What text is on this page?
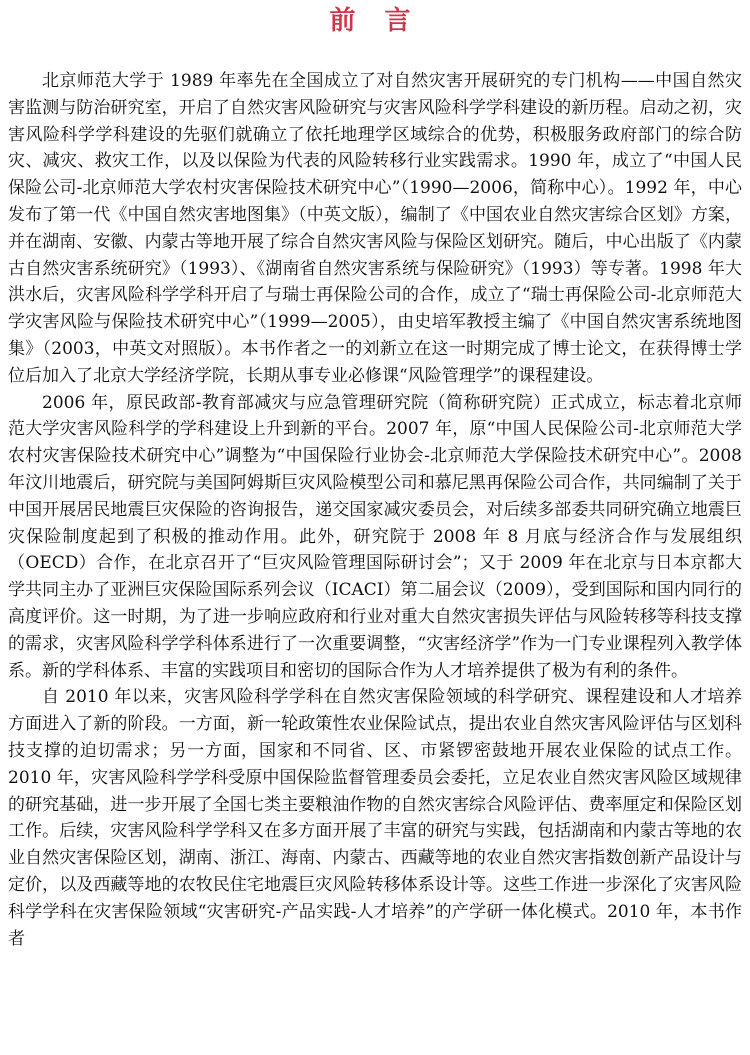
前 言

北京师范大学于 1989 年率先在全国成立了对自然灾害开展研究的专门机构——中国自然灾害监测与防治研究室，开启了自然灾害风险研究与灾害风险科学学科建设的新历程。启动之初，灾害风险科学学科建设的先驱们就确立了依托地理学区域综合的优势，积极服务政府部门的综合防灾、减灾、救灾工作，以及以保险为代表的风险转移行业实践需求。1990 年，成立了“中国人民保险公司-北京师范大学农村灾害保险技术研究中心”（1990—2006，简称中心）。1992 年，中心发布了第一代《中国自然灾害地图集》（中英文版），编制了《中国农业自然灾害综合区划》方案，并在湖南、安徽、内蒙古等地开展了综合自然灾害风险与保险区划研究。随后，中心出版了《内蒙古自然灾害系统研究》（1993）、《湖南省自然灾害系统与保险研究》（1993）等专著。1998 年大洪水后，灾害风险科学学科开启了与瑞士再保险公司的合作，成立了“瑞士再保险公司-北京师范大学灾害风险与保险技术研究中心”（1999—2005），由史培军教授主编了《中国自然灾害系统地图集》（2003，中英文对照版）。本书作者之一的刘新立在这一时期完成了博士论文，在获得博士学位后加入了北京大学经济学院，长期从事专业必修课“风险管理学”的课程建设。

2006 年，原民政部-教育部减灾与应急管理研究院（简称研究院）正式成立，标志着北京师范大学灾害风险科学的学科建设上升到新的平台。2007 年，原“中国人民保险公司-北京师范大学农村灾害保险技术研究中心”调整为“中国保险行业协会-北京师范大学保险技术研究中心”。2008 年汶川地震后，研究院与美国阿姆斯巨灾风险模型公司和慕尼黑再保险公司合作，共同编制了关于中国开展居民地震巨灾保险的咨询报告，递交国家减灾委员会，对后续多部委共同研究确立地震巨灾保险制度起到了积极的推动作用。此外，研究院于 2008 年 8 月底与经济合作与发展组织（OECD）合作，在北京召开了“巨灾风险管理国际研讨会”；又于 2009 年在北京与日本京都大学共同主办了亚洲巨灾保险国际系列会议（ICACI）第二届会议（2009），受到国际和国内同行的高度评价。这一时期，为了进一步响应政府和行业对重大自然灾害损失评估与风险转移等科技支撑的需求，灾害风险科学学科体系进行了一次重要调整，“灾害经济学”作为一门专业课程列入教学体系。新的学科体系、丰富的实践项目和密切的国际合作为人才培养提供了极为有利的条件。

自 2010 年以来，灾害风险科学学科在自然灾害保险领域的科学研究、课程建设和人才培养方面进入了新的阶段。一方面，新一轮政策性农业保险试点，提出农业自然灾害风险评估与区划科技支撑的迫切需求；另一方面，国家和不同省、区、市紧锣密鼓地开展农业保险的试点工作。2010 年，灾害风险科学学科受原中国保险监督管理委员会委托，立足农业自然灾害风险区域规律的研究基础，进一步开展了全国七类主要粮油作物的自然灾害综合风险评估、费率厘定和保险区划工作。后续，灾害风险科学学科又在多方面开展了丰富的研究与实践，包括湖南和内蒙古等地的农业自然灾害保险区划，湖南、浙江、海南、内蒙古、西藏等地的农业自然灾害指数创新产品设计与定价，以及西藏等地的农牧民住宅地震巨灾风险转移体系设计等。这些工作进一步深化了灾害风险科学学科在灾害保险领域“灾害研究-产品实践-人才培养”的产学研一体化模式。2010 年，本书作者
